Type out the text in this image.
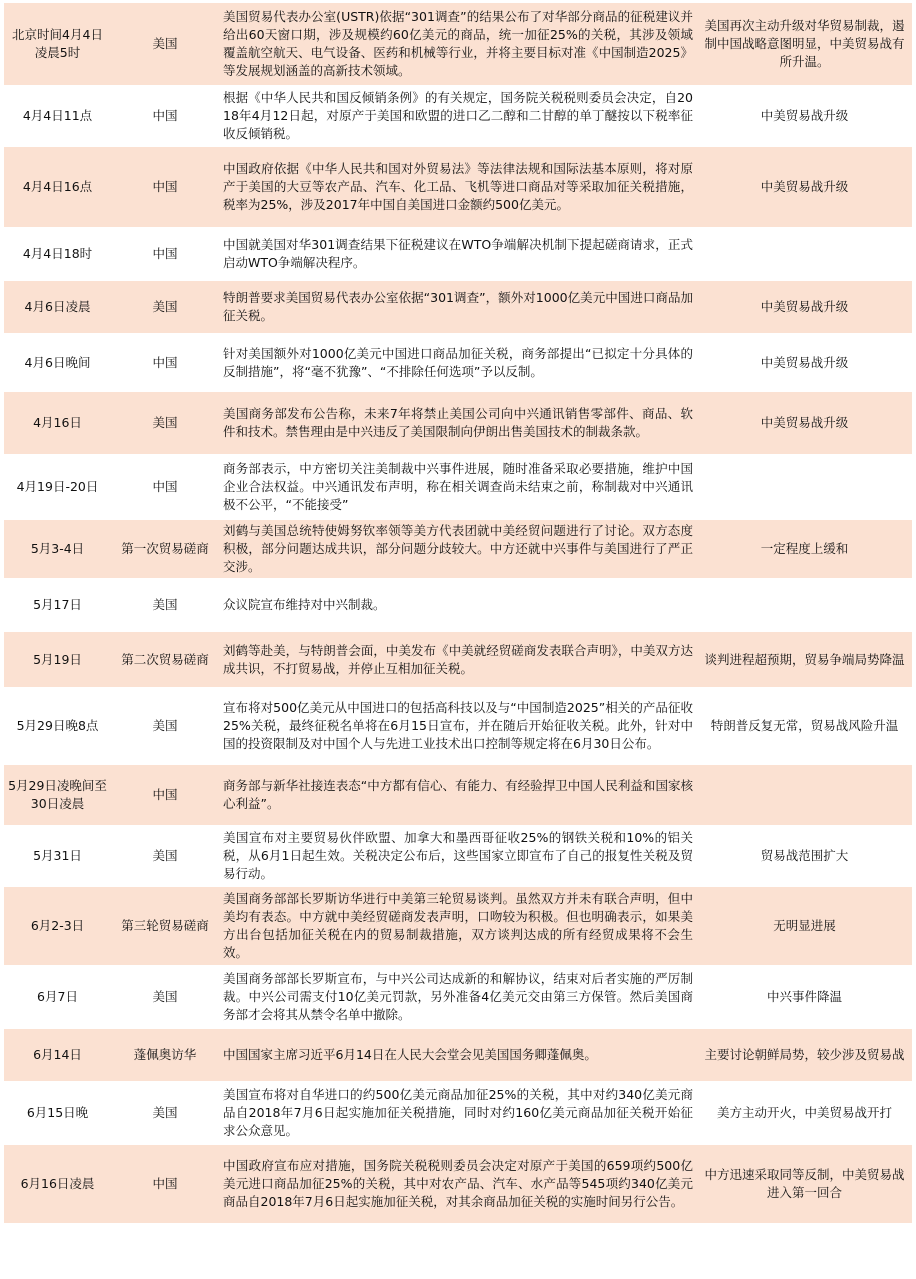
北京时间4月4日凌晨5时	美国	美国贸易代表办公室(USTR)依据“301调查”的结果公布了对华部分商品的征税建议并给出60天窗口期，涉及规模约60亿美元的商品，统一加征25%的关税，其涉及领域覆盖航空航天、电气设备、医药和机械等行业，并将主要目标对准《中国制造2025》等发展规划涵盖的高新技术领域。	美国再次主动升级对华贸易制裁，遏制中国战略意图明显，中美贸易战有所升温。
4月4日11点	中国	根据《中华人民共和国反倾销条例》的有关规定，国务院关税税则委员会决定，自2018年4月12日起，对原产于美国和欧盟的进口乙二醇和二甘醇的单丁醚按以下税率征收反倾销税。	中美贸易战升级
4月4日16点	中国	中国政府依据《中华人民共和国对外贸易法》等法律法规和国际法基本原则，将对原产于美国的大豆等农产品、汽车、化工品、飞机等进口商品对等采取加征关税措施，税率为25%，涉及2017年中国自美国进口金额约500亿美元。	中美贸易战升级
4月4日18时	中国	中国就美国对华301调查结果下征税建议在WTO争端解决机制下提起磋商请求，正式启动WTO争端解决程序。	
4月6日凌晨	美国	特朗普要求美国贸易代表办公室依据“301调查”，额外对1000亿美元中国进口商品加征关税。	中美贸易战升级
4月6日晚间	中国	针对美国额外对1000亿美元中国进口商品加征关税，商务部提出“已拟定十分具体的反制措施”，将“毫不犹豫”、“不排除任何选项”予以反制。	中美贸易战升级
4月16日	美国	美国商务部发布公告称，未来7年将禁止美国公司向中兴通讯销售零部件、商品、软件和技术。禁售理由是中兴违反了美国限制向伊朗出售美国技术的制裁条款。	中美贸易战升级
4月19日-20日	中国	商务部表示，中方密切关注美制裁中兴事件进展，随时准备采取必要措施，维护中国企业合法权益。中兴通讯发布声明，称在相关调查尚未结束之前，称制裁对中兴通讯极不公平，“不能接受”	
5月3-4日	第一次贸易磋商	刘鹤与美国总统特使姆努钦率领等美方代表团就中美经贸问题进行了讨论。双方态度积极，部分问题达成共识，部分问题分歧较大。中方还就中兴事件与美国进行了严正交涉。	一定程度上缓和
5月17日	美国	众议院宣布维持对中兴制裁。	
5月19日	第二次贸易磋商	刘鹤等赴美，与特朗普会面，中美发布《中美就经贸磋商发表联合声明》，中美双方达成共识，不打贸易战，并停止互相加征关税。	谈判进程超预期，贸易争端局势降温
5月29日晚8点	美国	宣布将对500亿美元从中国进口的包括高科技以及与“中国制造2025”相关的产品征收25%关税，最终征税名单将在6月15日宣布，并在随后开始征收关税。此外，针对中国的投资限制及对中国个人与先进工业技术出口控制等规定将在6月30日公布。	特朗普反复无常，贸易战风险升温
5月29日凌晚间至30日凌晨	中国	商务部与新华社接连表态“中方都有信心、有能力、有经验捍卫中国人民利益和国家核心利益”。	
5月31日	美国	美国宣布对主要贸易伙伴欧盟、加拿大和墨西哥征收25%的钢铁关税和10%的铝关税，从6月1日起生效。关税决定公布后，这些国家立即宣布了自己的报复性关税及贸易行动。	贸易战范围扩大
6月2-3日	第三轮贸易磋商	美国商务部部长罗斯访华进行中美第三轮贸易谈判。虽然双方并未有联合声明，但中美均有表态。中方就中美经贸磋商发表声明，口吻较为积极。但也明确表示，如果美方出台包括加征关税在内的贸易制裁措施，双方谈判达成的所有经贸成果将不会生效。	无明显进展
6月7日	美国	美国商务部部长罗斯宣布，与中兴公司达成新的和解协议，结束对后者实施的严厉制裁。中兴公司需支付10亿美元罚款，另外准备4亿美元交由第三方保管。然后美国商务部才会将其从禁令名单中撤除。	中兴事件降温
6月14日	蓬佩奥访华	中国国家主席习近平6月14日在人民大会堂会见美国国务卿蓬佩奥。	主要讨论朝鲜局势，较少涉及贸易战
6月15日晚	美国	美国宣布将对自华进口的约500亿美元商品加征25%的关税，其中对约340亿美元商品自2018年7月6日起实施加征关税措施，同时对约160亿美元商品加征关税开始征求公众意见。	美方主动开火，中美贸易战开打
6月16日凌晨	中国	中国政府宣布应对措施，国务院关税税则委员会决定对原产于美国的659项约500亿美元进口商品加征25%的关税，其中对农产品、汽车、水产品等545项约340亿美元商品自2018年7月6日起实施加征关税，对其余商品加征关税的实施时间另行公告。	中方迅速采取同等反制，中美贸易战进入第一回合
